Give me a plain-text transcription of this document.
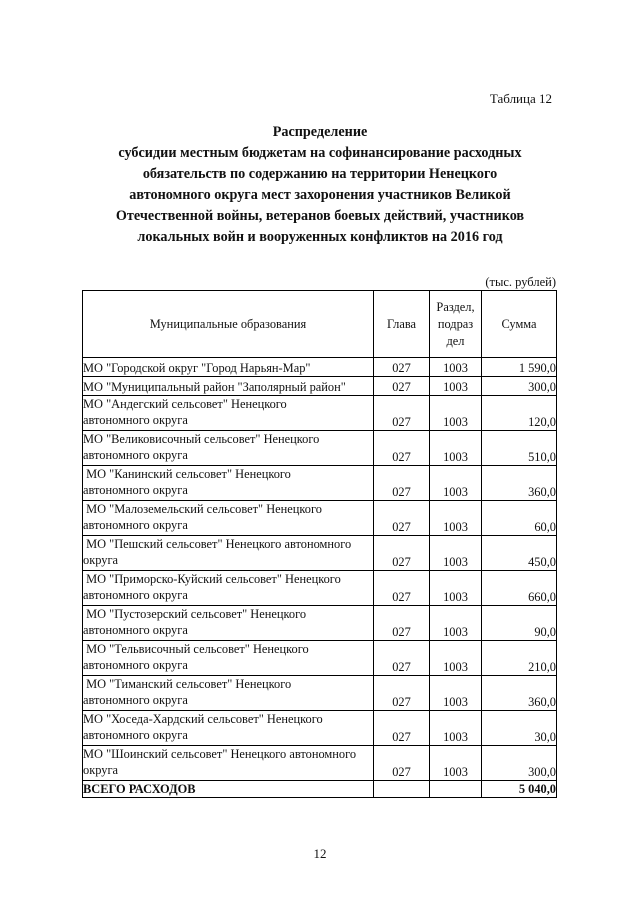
Таблица 12
Распределение
субсидии местным бюджетам на софинансирование расходных
обязательств по содержанию на территории Ненецкого
автономного округа мест захоронения участников Великой
Отечественной войны, ветеранов боевых действий, участников
локальных войн и вооруженных конфликтов на 2016 год
(тыс. рублей)
Муниципальные образования	Глава	Раздел,
подраз
дел	Сумма

МО "Городской округ "Город Нарьян-Мар"	027	1003	1 590,0

МО "Муниципальный район "Заполярный район"	027	1003	300,0

МО "Андегский сельсовет" Ненецкого
автономного округа	027	1003	120,0

МО "Великовисочный сельсовет" Ненецкого
автономного округа	027	1003	510,0

МО "Канинский сельсовет" Ненецкого
автономного округа	027	1003	360,0

МО "Малоземельский сельсовет" Ненецкого
автономного округа	027	1003	60,0

МО "Пешский сельсовет" Ненецкого автономного
округа	027	1003	450,0

МО "Приморско-Куйский сельсовет" Ненецкого
автономного округа	027	1003	660,0

МО "Пустозерский сельсовет" Ненецкого
автономного округа	027	1003	90,0

МО "Тельвисочный сельсовет" Ненецкого
автономного округа	027	1003	210,0

МО "Тиманский сельсовет" Ненецкого
автономного округа	027	1003	360,0

МО "Хоседа-Хардский сельсовет" Ненецкого
автономного округа	027	1003	30,0

МО "Шоинский сельсовет" Ненецкого автономного
округа	027	1003	300,0
ВСЕГО РАСХОДОВ			5 040,0
12
